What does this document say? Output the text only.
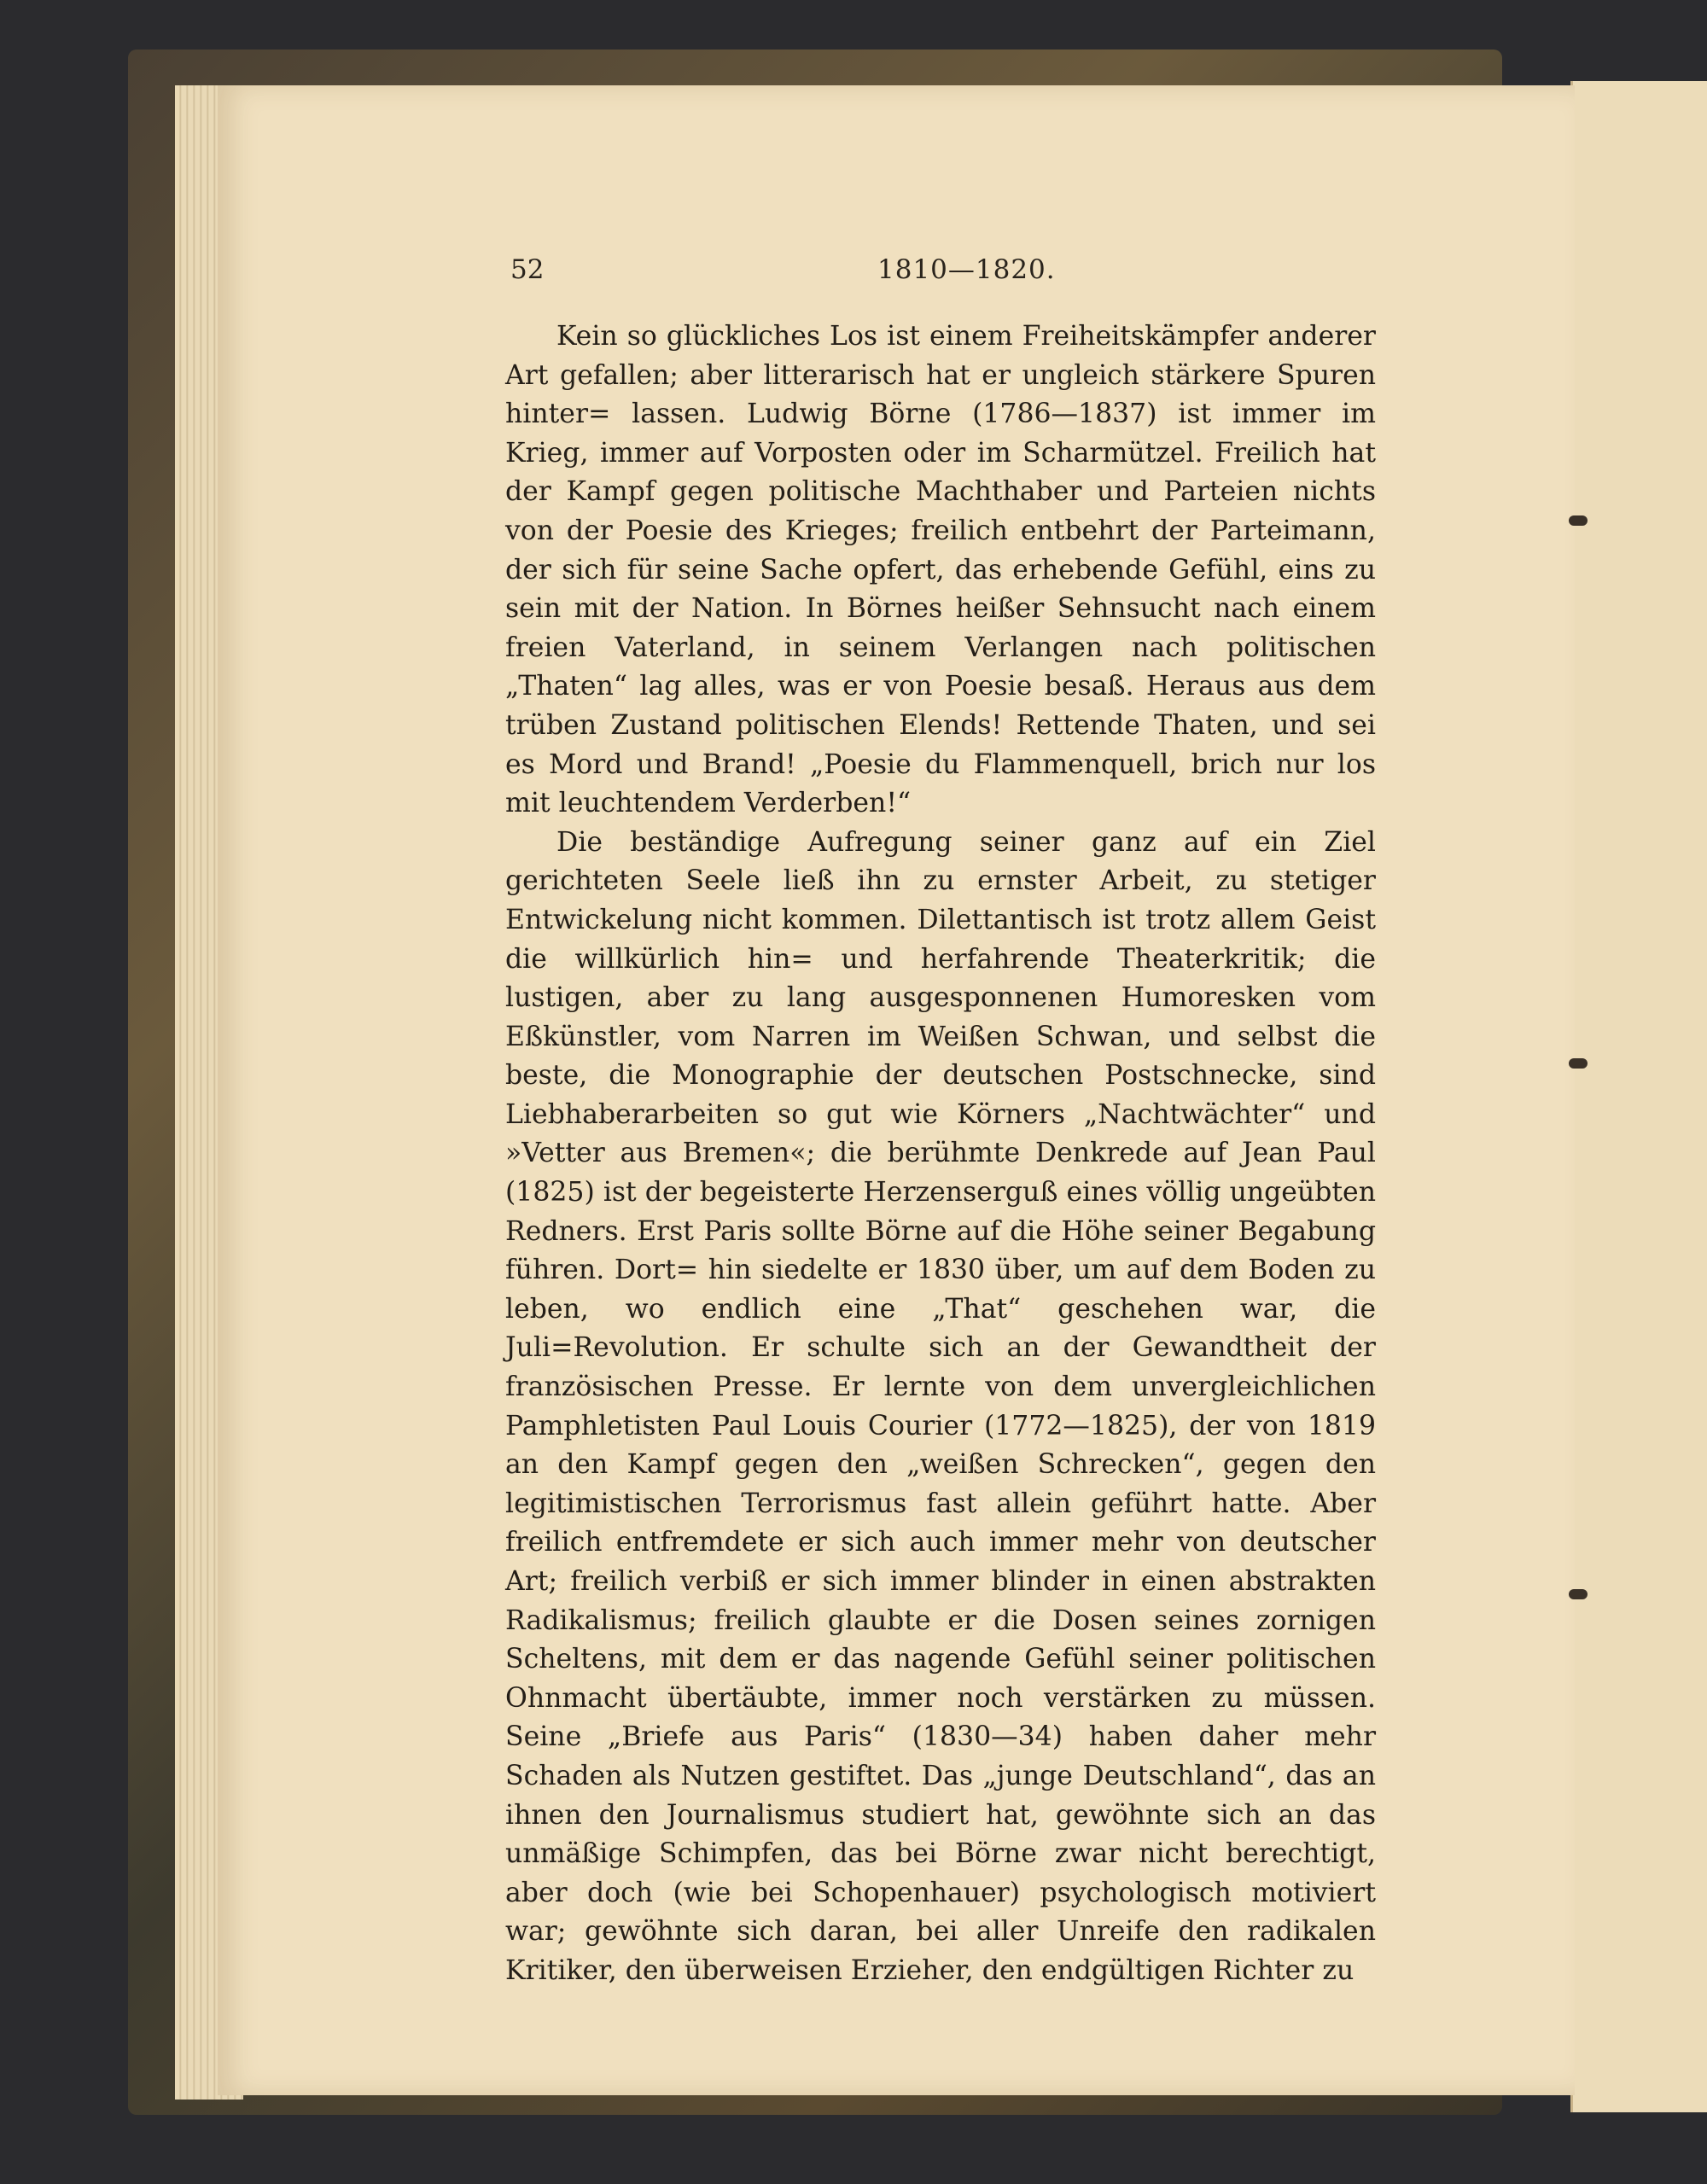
52	1810—1820.

Kein so glückliches Los ist einem Freiheitskämpfer anderer Art gefallen; aber litterarisch hat er ungleich stärkere Spuren hinter= lassen. Ludwig Börne (1786—1837) ist immer im Krieg, immer auf Vorposten oder im Scharmützel. Freilich hat der Kampf gegen politische Machthaber und Parteien nichts von der Poesie des Krieges; freilich entbehrt der Parteimann, der sich für seine Sache opfert, das erhebende Gefühl, eins zu sein mit der Nation. In Börnes heißer Sehnsucht nach einem freien Vaterland, in seinem Verlangen nach politischen „Thaten“ lag alles, was er von Poesie besaß. Heraus aus dem trüben Zustand politischen Elends! Rettende Thaten, und sei es Mord und Brand! „Poesie du Flammenquell, brich nur los mit leuchtendem Verderben!“

Die beständige Aufregung seiner ganz auf ein Ziel gerichteten Seele ließ ihn zu ernster Arbeit, zu stetiger Entwickelung nicht kommen. Dilettantisch ist trotz allem Geist die willkürlich hin= und herfahrende Theaterkritik; die lustigen, aber zu lang ausgesponnenen Humoresken vom Eßkünstler, vom Narren im Weißen Schwan, und selbst die beste, die Monographie der deutschen Postschnecke, sind Liebhaberarbeiten so gut wie Körners „Nachtwächter“ und »Vetter aus Bremen«; die berühmte Denkrede auf Jean Paul (1825) ist der begeisterte Herzenserguß eines völlig ungeübten Redners. Erst Paris sollte Börne auf die Höhe seiner Begabung führen. Dort= hin siedelte er 1830 über, um auf dem Boden zu leben, wo endlich eine „That“ geschehen war, die Juli=Revolution. Er schulte sich an der Gewandtheit der französischen Presse. Er lernte von dem unvergleichlichen Pamphletisten Paul Louis Courier (1772—1825), der von 1819 an den Kampf gegen den „weißen Schrecken“, gegen den legitimistischen Terrorismus fast allein geführt hatte. Aber freilich entfremdete er sich auch immer mehr von deutscher Art; freilich verbiß er sich immer blinder in einen abstrakten Radikalismus; freilich glaubte er die Dosen seines zornigen Scheltens, mit dem er das nagende Gefühl seiner politischen Ohnmacht übertäubte, immer noch verstärken zu müssen. Seine „Briefe aus Paris“ (1830—34) haben daher mehr Schaden als Nutzen gestiftet. Das „junge Deutschland“, das an ihnen den Journalismus studiert hat, gewöhnte sich an das unmäßige Schimpfen, das bei Börne zwar nicht berechtigt, aber doch (wie bei Schopenhauer) psychologisch motiviert war; gewöhnte sich daran, bei aller Unreife den radikalen Kritiker, den überweisen Erzieher, den endgültigen Richter zu
